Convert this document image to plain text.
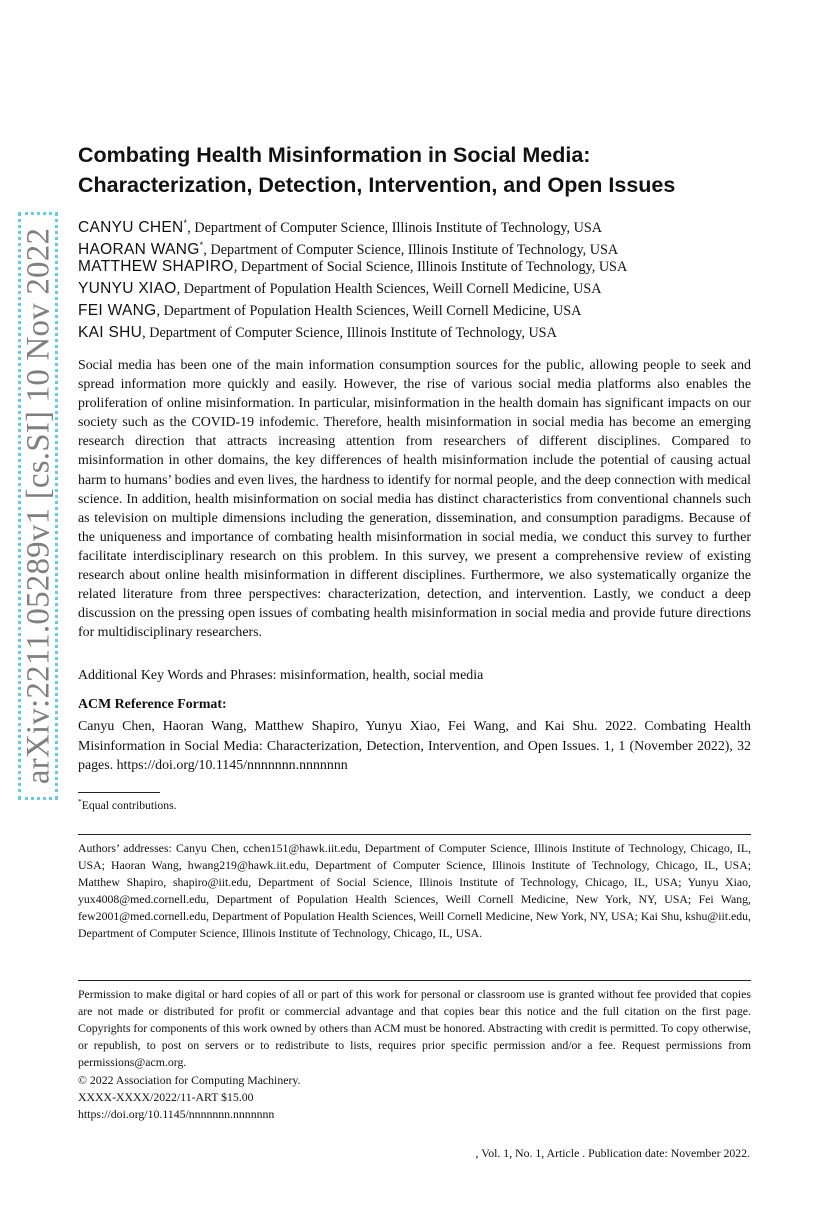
arXiv:2211.05289v1 [cs.SI] 10 Nov 2022
Combating Health Misinformation in Social Media:
Characterization, Detection, Intervention, and Open Issues
CANYU CHEN*, Department of Computer Science, Illinois Institute of Technology, USA
HAORAN WANG*, Department of Computer Science, Illinois Institute of Technology, USA
MATTHEW SHAPIRO, Department of Social Science, Illinois Institute of Technology, USA
YUNYU XIAO, Department of Population Health Sciences, Weill Cornell Medicine, USA
FEI WANG, Department of Population Health Sciences, Weill Cornell Medicine, USA
KAI SHU, Department of Computer Science, Illinois Institute of Technology, USA

Social media has been one of the main information consumption sources for the public, allowing people to seek and spread information more quickly and easily. However, the rise of various social media platforms also enables the proliferation of online misinformation. In particular, misinformation in the health domain has significant impacts on our society such as the COVID-19 infodemic. Therefore, health misinformation in social media has become an emerging research direction that attracts increasing attention from researchers of different disciplines. Compared to misinformation in other domains, the key differences of health misinformation include the potential of causing actual harm to humans’ bodies and even lives, the hardness to identify for normal people, and the deep connection with medical science. In addition, health misinformation on social media has distinct characteristics from conventional channels such as television on multiple dimensions including the generation, dissemination, and consumption paradigms. Because of the uniqueness and importance of combating health misinformation in social media, we conduct this survey to further facilitate interdisciplinary research on this problem. In this survey, we present a comprehensive review of existing research about online health misinformation in different disciplines. Furthermore, we also systematically organize the related literature from three perspectives: characterization, detection, and intervention. Lastly, we conduct a deep discussion on the pressing open issues of combating health misinformation in social media and provide future directions for multidisciplinary researchers.

Additional Key Words and Phrases: misinformation, health, social media

ACM Reference Format:

Canyu Chen, Haoran Wang, Matthew Shapiro, Yunyu Xiao, Fei Wang, and Kai Shu. 2022. Combating Health Misinformation in Social Media: Characterization, Detection, Intervention, and Open Issues. 1, 1 (November 2022), 32 pages. https://doi.org/10.1145/nnnnnnn.nnnnnnn

*Equal contributions.

Authors’ addresses: Canyu Chen, cchen151@hawk.iit.edu, Department of Computer Science, Illinois Institute of Technology, Chicago, IL, USA; Haoran Wang, hwang219@hawk.iit.edu, Department of Computer Science, Illinois Institute of Technology, Chicago, IL, USA; Matthew Shapiro, shapiro@iit.edu, Department of Social Science, Illinois Institute of Technology, Chicago, IL, USA; Yunyu Xiao, yux4008@med.cornell.edu, Department of Population Health Sciences, Weill Cornell Medicine, New York, NY, USA; Fei Wang, few2001@med.cornell.edu, Department of Population Health Sciences, Weill Cornell Medicine, New York, NY, USA; Kai Shu, kshu@iit.edu, Department of Computer Science, Illinois Institute of Technology, Chicago, IL, USA.

Permission to make digital or hard copies of all or part of this work for personal or classroom use is granted without fee provided that copies are not made or distributed for profit or commercial advantage and that copies bear this notice and the full citation on the first page. Copyrights for components of this work owned by others than ACM must be honored. Abstracting with credit is permitted. To copy otherwise, or republish, to post on servers or to redistribute to lists, requires prior specific permission and/or a fee. Request permissions from permissions@acm.org.

© 2022 Association for Computing Machinery.
XXXX-XXXX/2022/11-ART $15.00
https://doi.org/10.1145/nnnnnnn.nnnnnnn
, Vol. 1, No. 1, Article . Publication date: November 2022.
